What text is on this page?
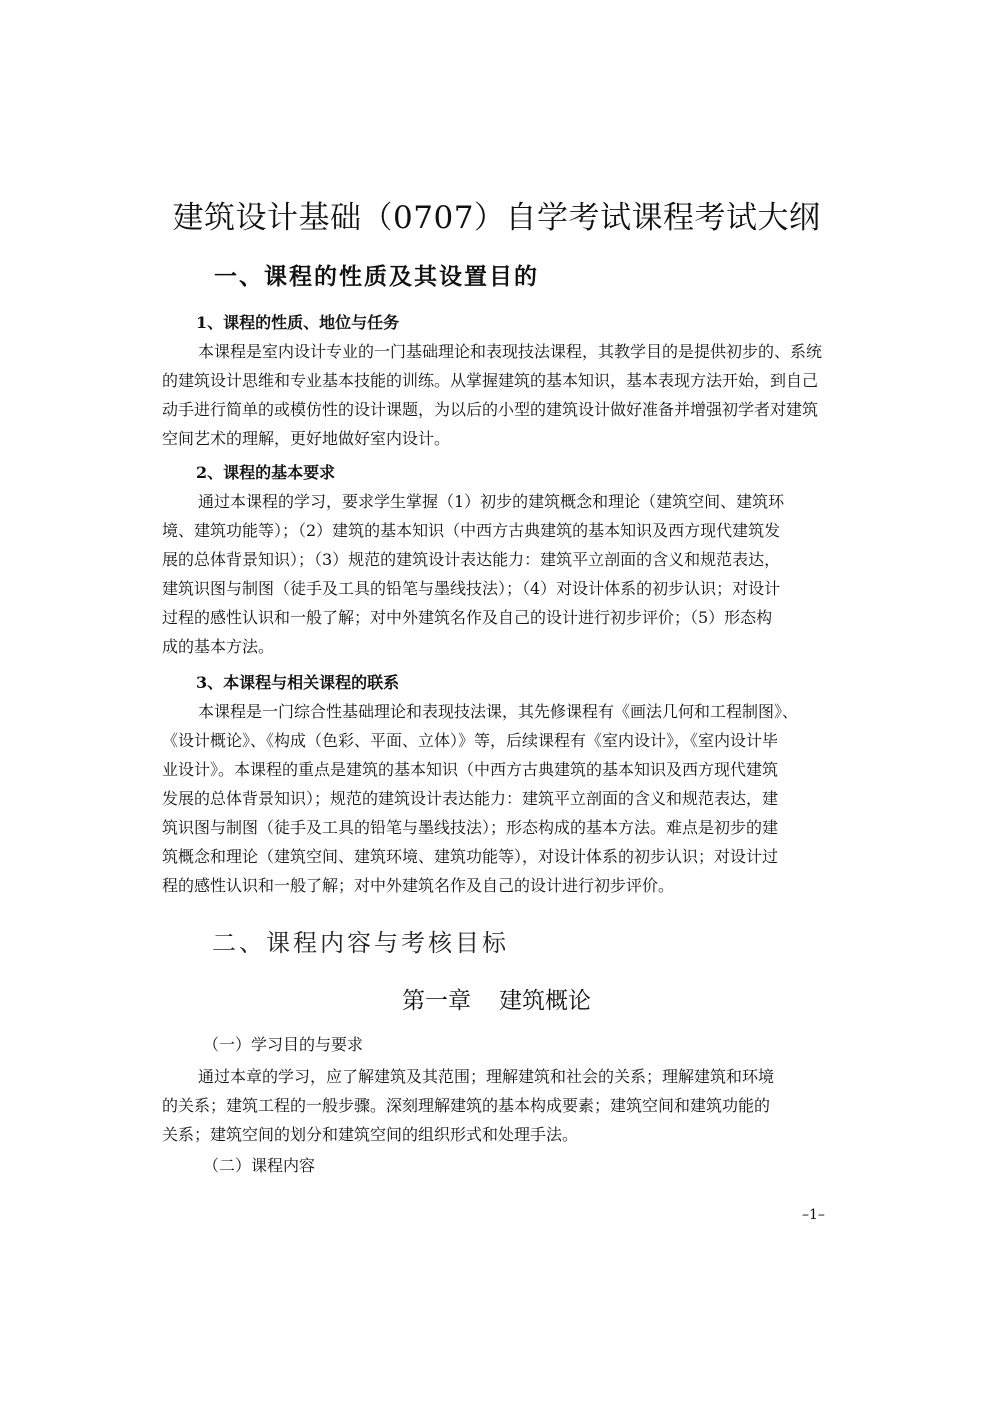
建筑设计基础（0707）自学考试课程考试大纲
一、课程的性质及其设置目的
1、课程的性质、地位与任务
本课程是室内设计专业的一门基础理论和表现技法课程，其教学目的是提供初步的、系统
的建筑设计思维和专业基本技能的训练。从掌握建筑的基本知识，基本表现方法开始，到自己
动手进行简单的或模仿性的设计课题，为以后的小型的建筑设计做好准备并增强初学者对建筑
空间艺术的理解，更好地做好室内设计。
2、课程的基本要求
通过本课程的学习，要求学生掌握（1）初步的建筑概念和理论（建筑空间、建筑环
境、建筑功能等）；（2）建筑的基本知识（中西方古典建筑的基本知识及西方现代建筑发
展的总体背景知识）；（3）规范的建筑设计表达能力：建筑平立剖面的含义和规范表达，
建筑识图与制图（徒手及工具的铅笔与墨线技法）；（4）对设计体系的初步认识；对设计
过程的感性认识和一般了解；对中外建筑名作及自己的设计进行初步评价；（5）形态构
成的基本方法。
3、本课程与相关课程的联系
本课程是一门综合性基础理论和表现技法课，其先修课程有《画法几何和工程制图》、
《设计概论》、《构成（色彩、平面、立体）》等，后续课程有《室内设计》，《室内设计毕
业设计》。本课程的重点是建筑的基本知识（中西方古典建筑的基本知识及西方现代建筑
发展的总体背景知识）；规范的建筑设计表达能力：建筑平立剖面的含义和规范表达，建
筑识图与制图（徒手及工具的铅笔与墨线技法）；形态构成的基本方法。难点是初步的建
筑概念和理论（建筑空间、建筑环境、建筑功能等），对设计体系的初步认识；对设计过
程的感性认识和一般了解；对中外建筑名作及自己的设计进行初步评价。
二、课程内容与考核目标
第一章 建筑概论
（一）学习目的与要求
通过本章的学习，应了解建筑及其范围；理解建筑和社会的关系；理解建筑和环境
的关系；建筑工程的一般步骤。深刻理解建筑的基本构成要素；建筑空间和建筑功能的
关系；建筑空间的划分和建筑空间的组织形式和处理手法。
（二）课程内容
–1–
